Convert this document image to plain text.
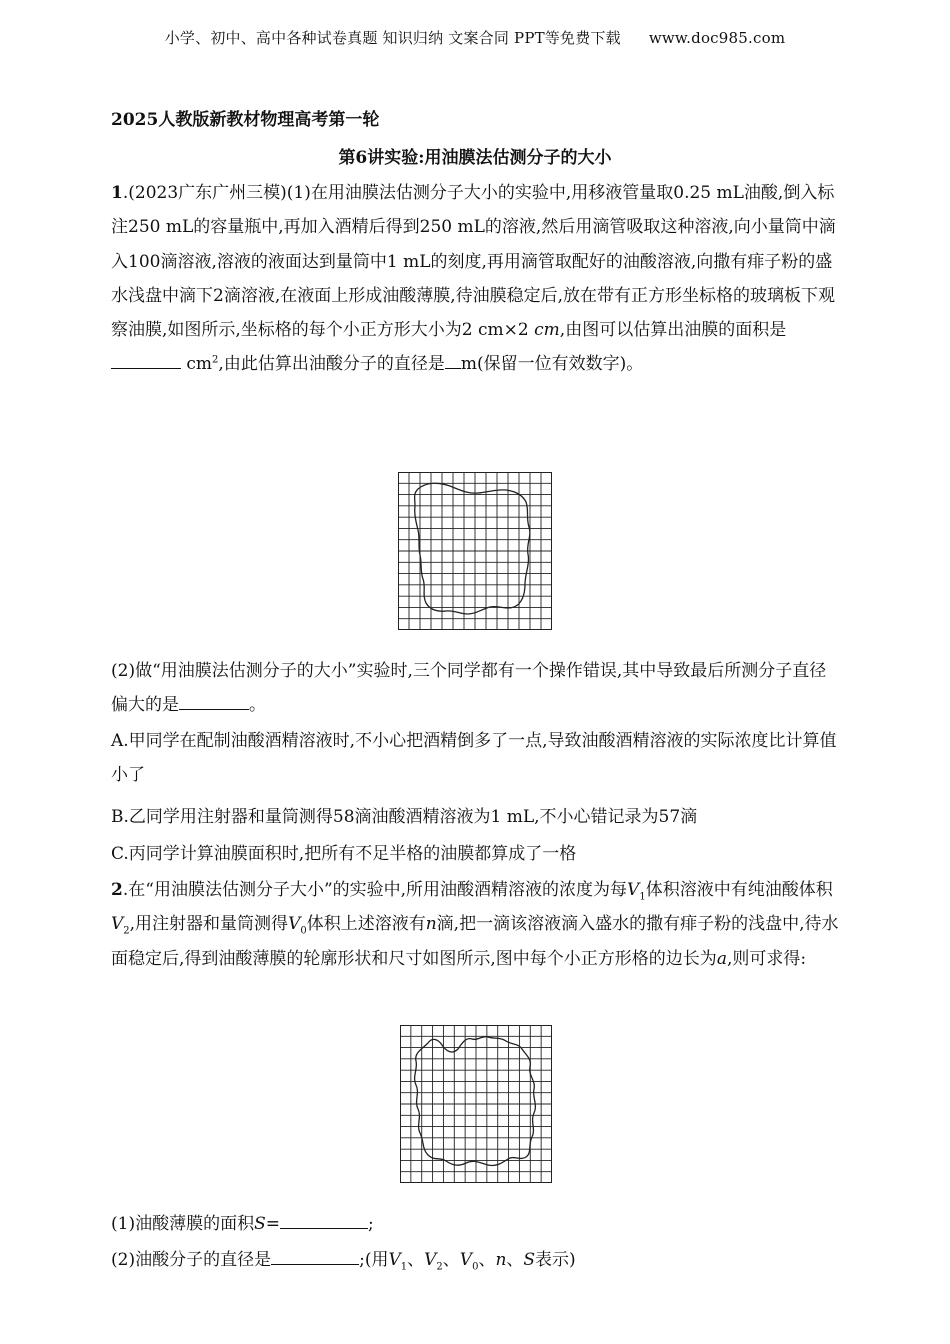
小学、初中、高中各种试卷真题 知识归纳 文案合同 PPT等免费下载 www.doc985.com
2025人教版新教材物理高考第一轮
第6讲实验:用油膜法估测分子的大小

1.(2023广东广州三模)(1)在用油膜法估测分子大小的实验中,用移液管量取0.25 mL油酸,倒入标注250 mL的容量瓶中,再加入酒精后得到250 mL的溶液,然后用滴管吸取这种溶液,向小量筒中滴入100滴溶液,溶液的液面达到量筒中1 mL的刻度,再用滴管取配好的油酸溶液,向撒有痱子粉的盛水浅盘中滴下2滴溶液,在液面上形成油酸薄膜,待油膜稳定后,放在带有正方形坐标格的玻璃板下观察油膜,如图所示,坐标格的每个小正方形大小为2 cm×2 cm,由图可以估算出油膜的面积是 $cm^2$,由此估算出油酸分子的直径是 m(保留一位有效数字)。

(2)做“用油膜法估测分子的大小”实验时,三个同学都有一个操作错误,其中导致最后所测分子直径偏大的是	。

A.甲同学在配制油酸酒精溶液时,不小心把酒精倒多了一点,导致油酸酒精溶液的实际浓度比计算值小了

B.乙同学用注射器和量筒测得58滴油酸酒精溶液为1 mL,不小心错记录为57滴

C.丙同学计算油膜面积时,把所有不足半格的油膜都算成了一格

2.在“用油膜法估测分子大小”的实验中,所用油酸酒精溶液的浓度为每$V_1$体积溶液中有纯油酸体积$V_2$,用注射器和量筒测得$V_0$体积上述溶液有n滴,把一滴该溶液滴入盛水的撒有痱子粉的浅盘中,待水面稳定后,得到油酸薄膜的轮廓形状和尺寸如图所示,图中每个小正方形格的边长为a,则可求得:

(1)油酸薄膜的面积S=	;

(2)油酸分子的直径是	;(用$V_1$、$V_2$、$V_0$、n、S表示)
